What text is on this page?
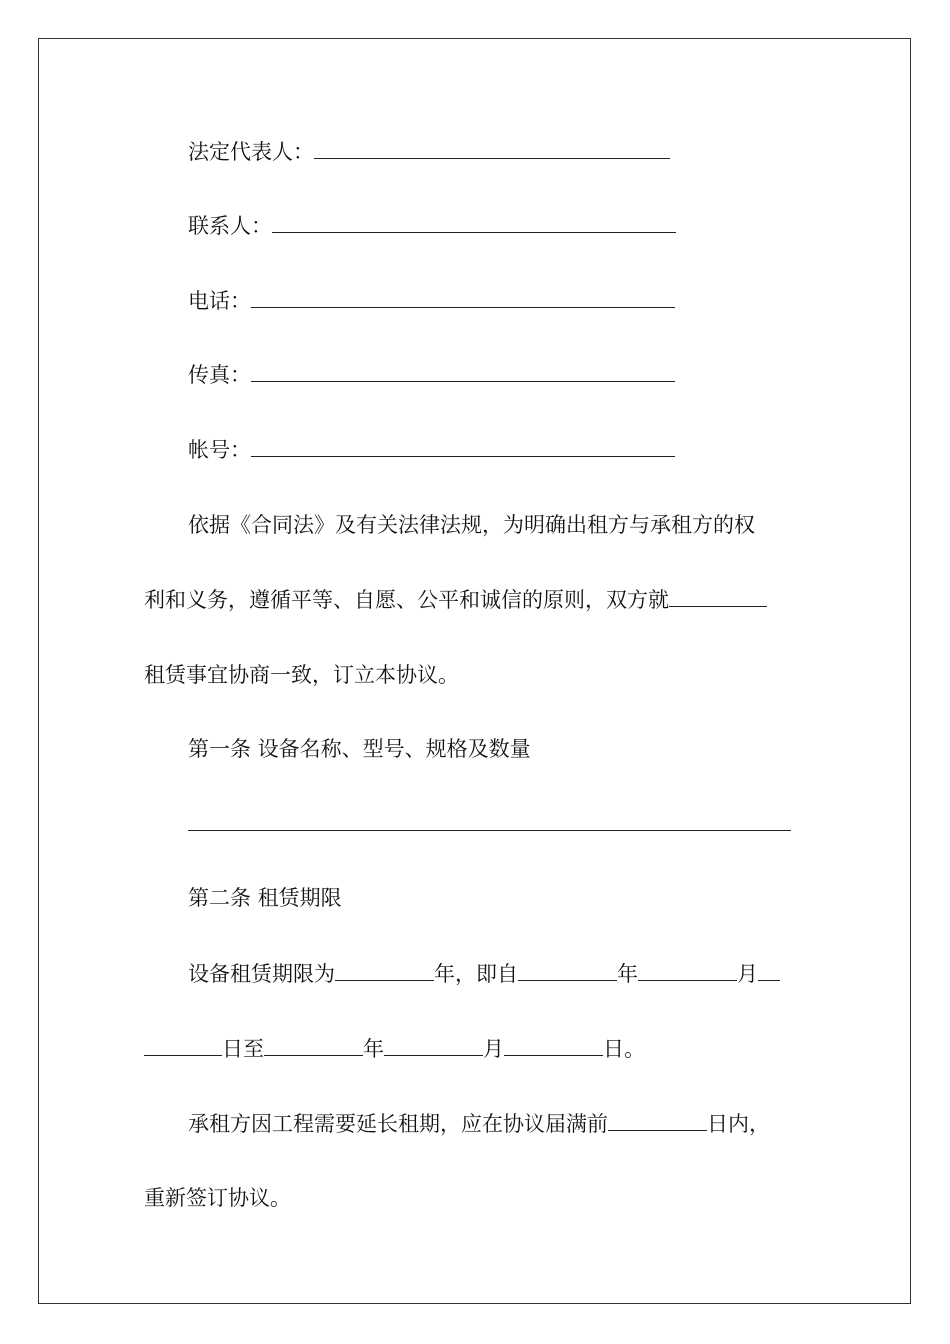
法定代表人：
联系人：
电话：
传真：
帐号：
依据《合同法》及有关法律法规，为明确出租方与承租方的权
利和义务，遵循平等、自愿、公平和诚信的原则，双方就
租赁事宜协商一致，订立本协议。
第一条 设备名称、型号、规格及数量
第二条 租赁期限
设备租赁期限为	年，即自	年	月
日至	年	月	日。
承租方因工程需要延长租期，应在协议届满前	日内，
重新签订协议。
